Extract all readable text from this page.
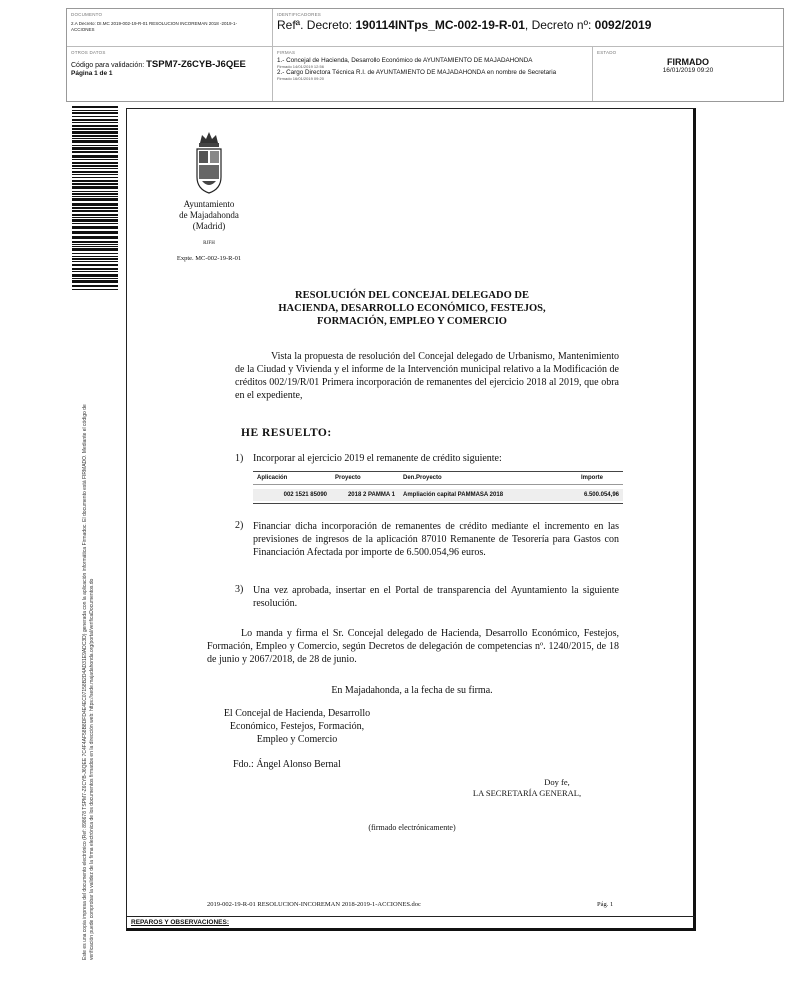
DOCUMENTO
2.A Decreto: DI.MC 2019-002-19-R-01 RESOLUCION INCOREMAN 2018 -2019-1-ACCIONES
IDENTIFICADORES
Refª. Decreto: 190114INTps_MC-002-19-R-01, Decreto nº: 0092/2019
OTROS DATOS
Código para validación: TSPM7-Z6CYB-J6QEE
Página 1 de 1
FIRMAS
1.- Concejal de Hacienda, Desarrollo Económico de AYUNTAMIENTO DE MAJADAHONDA
Firmado 14/01/2019 12:56
2.- Cargo Directora Técnica R.I. de AYUNTAMIENTO DE MAJADAHONDA en nombre de Secretaria
Firmado 16/01/2019 09:20
ESTADO
FIRMADO
16/01/2019 09:20
Este es una copia impresa del documento electrónico (Ref: 898678 TSPM7-Z6CYB-J6QEE 7C4F4AF58B8DFD4E4EC07158B2D4AD31E9ADC3D) generada con la aplicación informática Firmadoc. El documento está FIRMADO. Mediante el código de verificación puede comprobar la validez de la firma electrónica de los documentos firmados en la dirección web: https://sede.majadahonda.org/portal/verificaDocumentos.do
Ayuntamiento
de Majadahonda
(Madrid)
RJFH
Expte. MC-002-19-R-01
RESOLUCIÓN DEL CONCEJAL DELEGADO DE
HACIENDA, DESARROLLO ECONÓMICO, FESTEJOS,
FORMACIÓN, EMPLEO Y COMERCIO
Vista la propuesta de resolución del Concejal delegado de Urbanismo, Mantenimiento de la Ciudad y Vivienda y el informe de la Intervención municipal relativo a la Modificación de créditos 002/19/R/01 Primera incorporación de remanentes del ejercicio 2018 al 2019, que obra en el expediente,
HE RESUELTO:
1) Incorporar al ejercicio 2019 el remanente de crédito siguiente:
Aplicación	Proyecto	Den.Proyecto	Importe

002 1521 85090	2018 2 PAMMA 1	Ampliación capital PAMMASA 2018	6.500.054,96
2) Financiar dicha incorporación de remanentes de crédito mediante el incremento en las previsiones de ingresos de la aplicación 87010 Remanente de Tesorería para Gastos con Financiación Afectada por importe de 6.500.054,96 euros.
3) Una vez aprobada, insertar en el Portal de transparencia del Ayuntamiento la siguiente resolución.
Lo manda y firma el Sr. Concejal delegado de Hacienda, Desarrollo Económico, Festejos, Formación, Empleo y Comercio, según Decretos de delegación de competencias nº. 1240/2015, de 18 de junio y 2067/2018, de 28 de junio.
En Majadahonda, a la fecha de su firma.
El Concejal de Hacienda, Desarrollo
Económico, Festejos, Formación,
Empleo y Comercio
Fdo.: Ángel Alonso Bernal
Doy fe,
LA SECRETARÍA GENERAL,
(firmado electrónicamente)
2019-002-19-R-01 RESOLUCION-INCOREMAN 2018-2019-1-ACCIONES.doc	Pág. 1
REPAROS Y OBSERVACIONES:
